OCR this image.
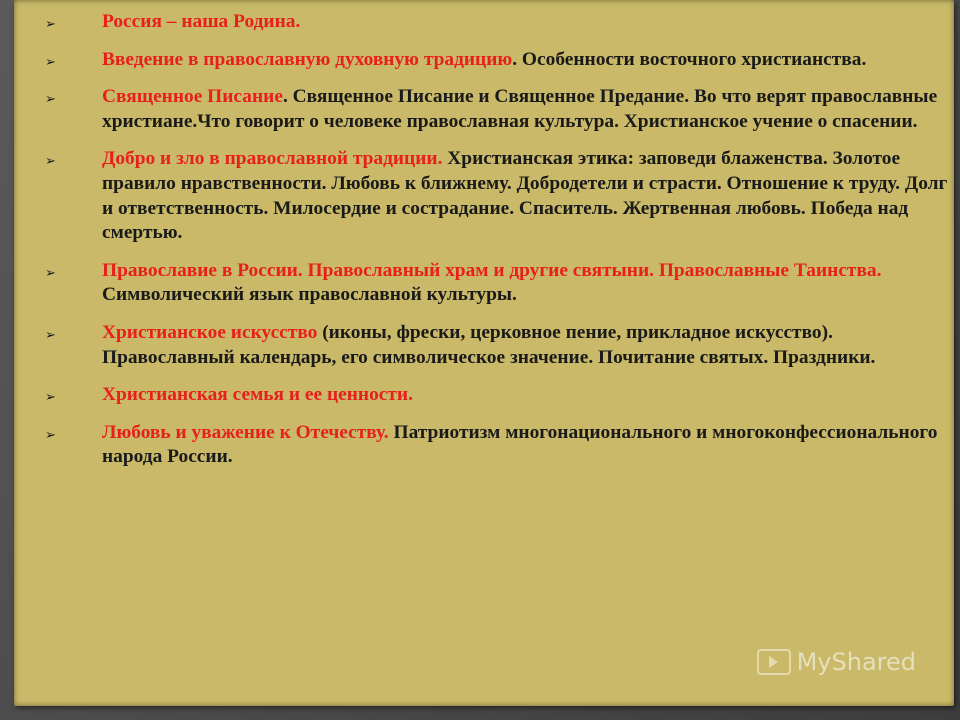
➢ Россия – наша Родина.
➢ Введение в православную духовную традицию. Особенности восточного христианства.
➢ Священное Писание. Священное Писание и Священное Предание. Во что верят православные христиане.Что говорит о человеке православная культура. Христианское учение о спасении.
➢ Добро и зло в православной традиции. Христианская этика: заповеди блаженства. Золотое правило нравственности. Любовь к ближнему. Добродетели и страсти. Отношение к труду. Долг и ответственность. Милосердие и сострадание. Спаситель. Жертвенная любовь. Победа над смертью.
➢ Православие в России. Православный храм и другие святыни. Православные Таинства. Символический язык православной культуры.
➢ Христианское искусство (иконы, фрески, церковное пение, прикладное искусство). Православный календарь, его символическое значение. Почитание святых. Праздники.
➢ Христианская семья и ее ценности.
➢ Любовь и уважение к Отечеству. Патриотизм многонационального и многоконфессионального народа России.
MyShared
